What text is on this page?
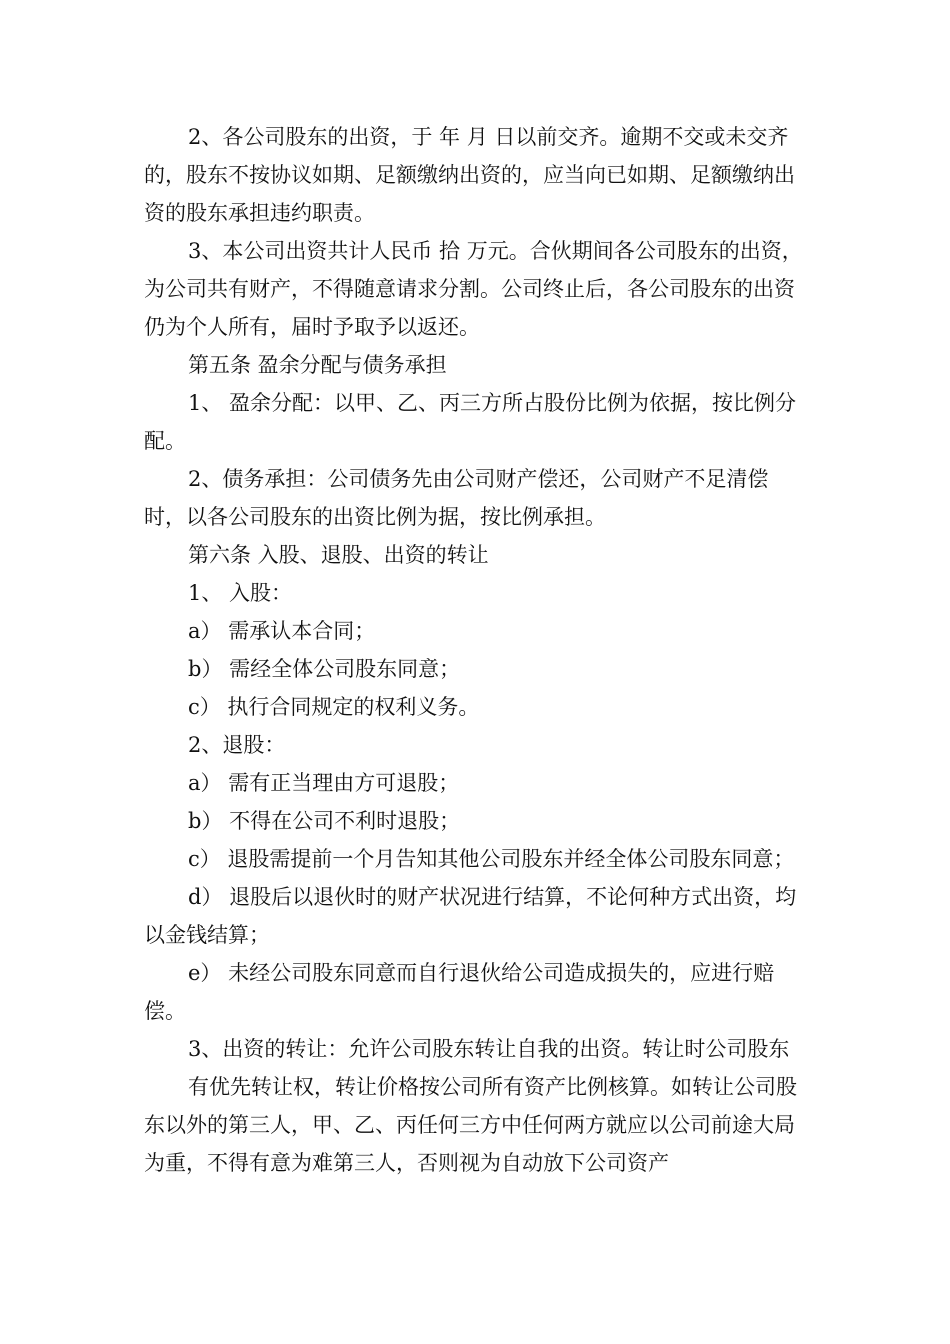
2、各公司股东的出资，于 年 月 日以前交齐。逾期不交或未交齐的，股东不按协议如期、足额缴纳出资的，应当向已如期、足额缴纳出资的股东承担违约职责。

3、本公司出资共计人民币 拾 万元。合伙期间各公司股东的出资，为公司共有财产，不得随意请求分割。公司终止后，各公司股东的出资仍为个人所有，届时予取予以返还。

第五条 盈余分配与债务承担

1、 盈余分配：以甲、乙、丙三方所占股份比例为依据，按比例分配。

2、债务承担：公司债务先由公司财产偿还，公司财产不足清偿时，以各公司股东的出资比例为据，按比例承担。

第六条 入股、退股、出资的转让

1、 入股：

a） 需承认本合同；

b） 需经全体公司股东同意；

c） 执行合同规定的权利义务。

2、退股：

a） 需有正当理由方可退股；

b） 不得在公司不利时退股；

c） 退股需提前一个月告知其他公司股东并经全体公司股东同意；

d） 退股后以退伙时的财产状况进行结算，不论何种方式出资，均以金钱结算；

e） 未经公司股东同意而自行退伙给公司造成损失的，应进行赔偿。

3、出资的转让：允许公司股东转让自我的出资。转让时公司股东

有优先转让权，转让价格按公司所有资产比例核算。如转让公司股东以外的第三人，甲、乙、丙任何三方中任何两方就应以公司前途大局为重，不得有意为难第三人，否则视为自动放下公司资产
